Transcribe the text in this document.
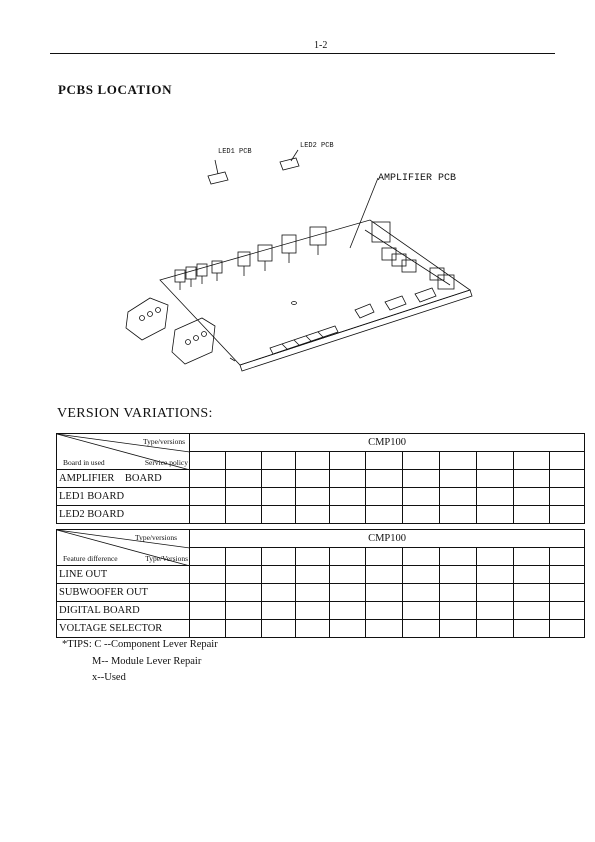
1-2
PCBS LOCATION
LED1 PCB
LED2 PCB
AMPLIFIER PCB
VERSION VARIATIONS:
Type/versions
Board in used Service policy	CMP100										

AMPLIFIER    BOARD											
LED1 BOARD											
LED2 BOARD											
Type/versions
Feature difference Type/Versions	CMP100										

LINE OUT											
SUBWOOFER OUT											
DIGITAL BOARD											
VOLTAGE SELECTOR											
*TIPS: C --Component Lever Repair
M-- Module Lever Repair
x--Used
